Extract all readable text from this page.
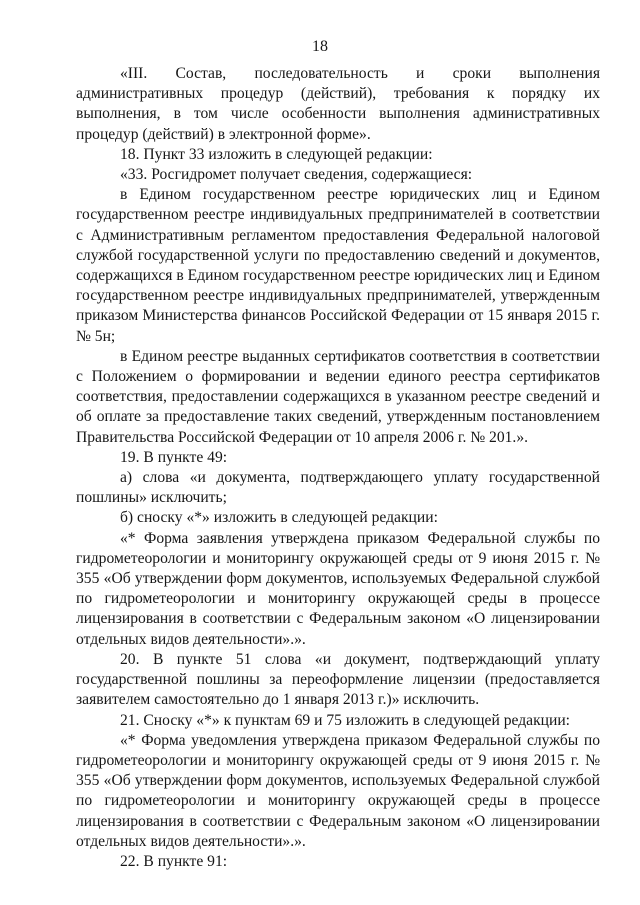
18

«III. Состав, последовательность и сроки выполнения административных процедур (действий), требования к порядку их выполнения, в том числе особенности выполнения административных процедур (действий) в электронной форме».

18. Пункт 33 изложить в следующей редакции:

«33. Росгидромет получает сведения, содержащиеся:

в Едином государственном реестре юридических лиц и Едином государственном реестре индивидуальных предпринимателей в соответствии с Административным регламентом предоставления Федеральной налоговой службой государственной услуги по предоставлению сведений и документов, содержащихся в Едином государственном реестре юридических лиц и Едином государственном реестре индивидуальных предпринимателей, утвержденным приказом Министерства финансов Российской Федерации от 15 января 2015 г. № 5н;

в Едином реестре выданных сертификатов соответствия в соответствии с Положением о формировании и ведении единого реестра сертификатов соответствия, предоставлении содержащихся в указанном реестре сведений и об оплате за предоставление таких сведений, утвержденным постановлением Правительства Российской Федерации от 10 апреля 2006 г. № 201.».

19. В пункте 49:

а) слова «и документа, подтверждающего уплату государственной пошлины» исключить;

б) сноску «*» изложить в следующей редакции:

«* Форма заявления утверждена приказом Федеральной службы по гидрометеорологии и мониторингу окружающей среды от 9 июня 2015 г. № 355 «Об утверждении форм документов, используемых Федеральной службой по гидрометеорологии и мониторингу окружающей среды в процессе лицензирования в соответствии с Федеральным законом «О лицензировании отдельных видов деятельности».».

20. В пункте 51 слова «и документ, подтверждающий уплату государственной пошлины за переоформление лицензии (предоставляется заявителем самостоятельно до 1 января 2013 г.)» исключить.

21. Сноску «*» к пунктам 69 и 75 изложить в следующей редакции:

«* Форма уведомления утверждена приказом Федеральной службы по гидрометеорологии и мониторингу окружающей среды от 9 июня 2015 г. № 355 «Об утверждении форм документов, используемых Федеральной службой по гидрометеорологии и мониторингу окружающей среды в процессе лицензирования в соответствии с Федеральным законом «О лицензировании отдельных видов деятельности».».

22. В пункте 91:
